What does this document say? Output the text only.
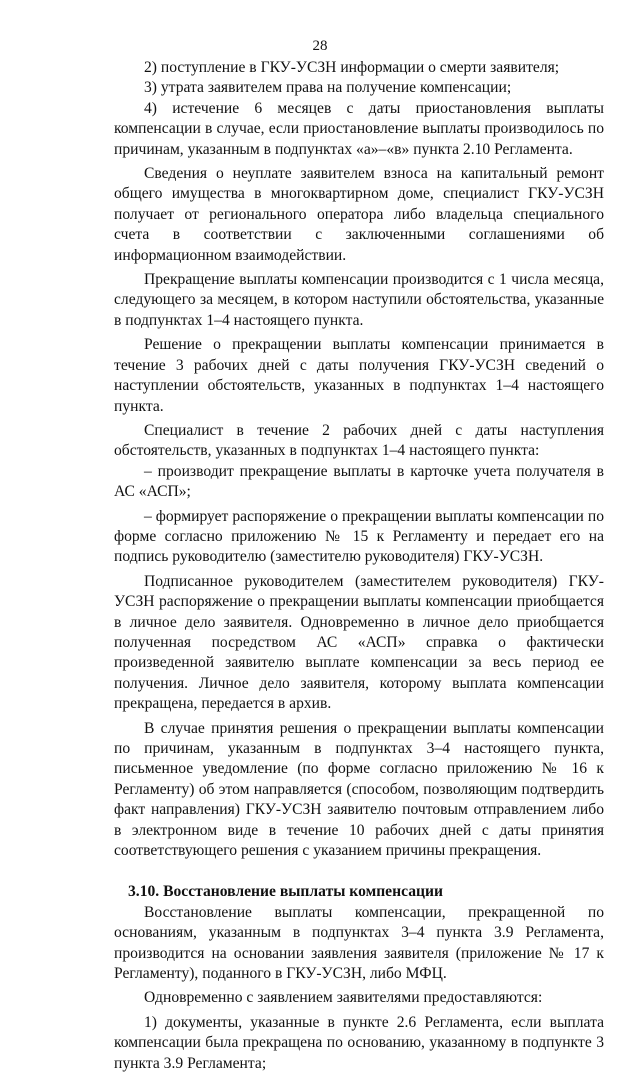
28

2) поступление в ГКУ-УСЗН информации о смерти заявителя;

3) утрата заявителем права на получение компенсации;

4) истечение 6 месяцев с даты приостановления выплаты компенсации в случае, если приостановление выплаты производилось по причинам, указанным в подпунктах «а»–«в» пункта 2.10 Регламента.

Сведения о неуплате заявителем взноса на капитальный ремонт общего имущества в многоквартирном доме, специалист ГКУ-УСЗН получает от регионального оператора либо владельца специального счета в соответствии с заключенными соглашениями об информационном взаимодействии.

Прекращение выплаты компенсации производится с 1 числа месяца, следующего за месяцем, в котором наступили обстоятельства, указанные в подпунктах 1–4 настоящего пункта.

Решение о прекращении выплаты компенсации принимается в течение 3 рабочих дней с даты получения ГКУ-УСЗН сведений о наступлении обстоятельств, указанных в подпунктах 1–4 настоящего пункта.

Специалист в течение 2 рабочих дней с даты наступления обстоятельств, указанных в подпунктах 1–4 настоящего пункта:

– производит прекращение выплаты в карточке учета получателя в АС «АСП»;

– формирует распоряжение о прекращении выплаты компенсации по форме согласно приложению № 15 к Регламенту и передает его на подпись руководителю (заместителю руководителя) ГКУ-УСЗН.

Подписанное руководителем (заместителем руководителя) ГКУ-УСЗН распоряжение о прекращении выплаты компенсации приобщается в личное дело заявителя. Одновременно в личное дело приобщается полученная посредством АС «АСП» справка о фактически произведенной заявителю выплате компенсации за весь период ее получения. Личное дело заявителя, которому выплата компенсации прекращена, передается в архив.

В случае принятия решения о прекращении выплаты компенсации по причинам, указанным в подпунктах 3–4 настоящего пункта, письменное уведомление (по форме согласно приложению № 16 к Регламенту) об этом направляется (способом, позволяющим подтвердить факт направления) ГКУ-УСЗН заявителю почтовым отправлением либо в электронном виде в течение 10 рабочих дней с даты принятия соответствующего решения с указанием причины прекращения.

3.10. Восстановление выплаты компенсации

Восстановление выплаты компенсации, прекращенной по основаниям, указанным в подпунктах 3–4 пункта 3.9 Регламента, производится на основании заявления заявителя (приложение № 17 к Регламенту), поданного в ГКУ-УСЗН, либо МФЦ.

Одновременно с заявлением заявителями предоставляются:

1) документы, указанные в пункте 2.6 Регламента, если выплата компенсации была прекращена по основанию, указанному в подпункте 3 пункта 3.9 Регламента;
